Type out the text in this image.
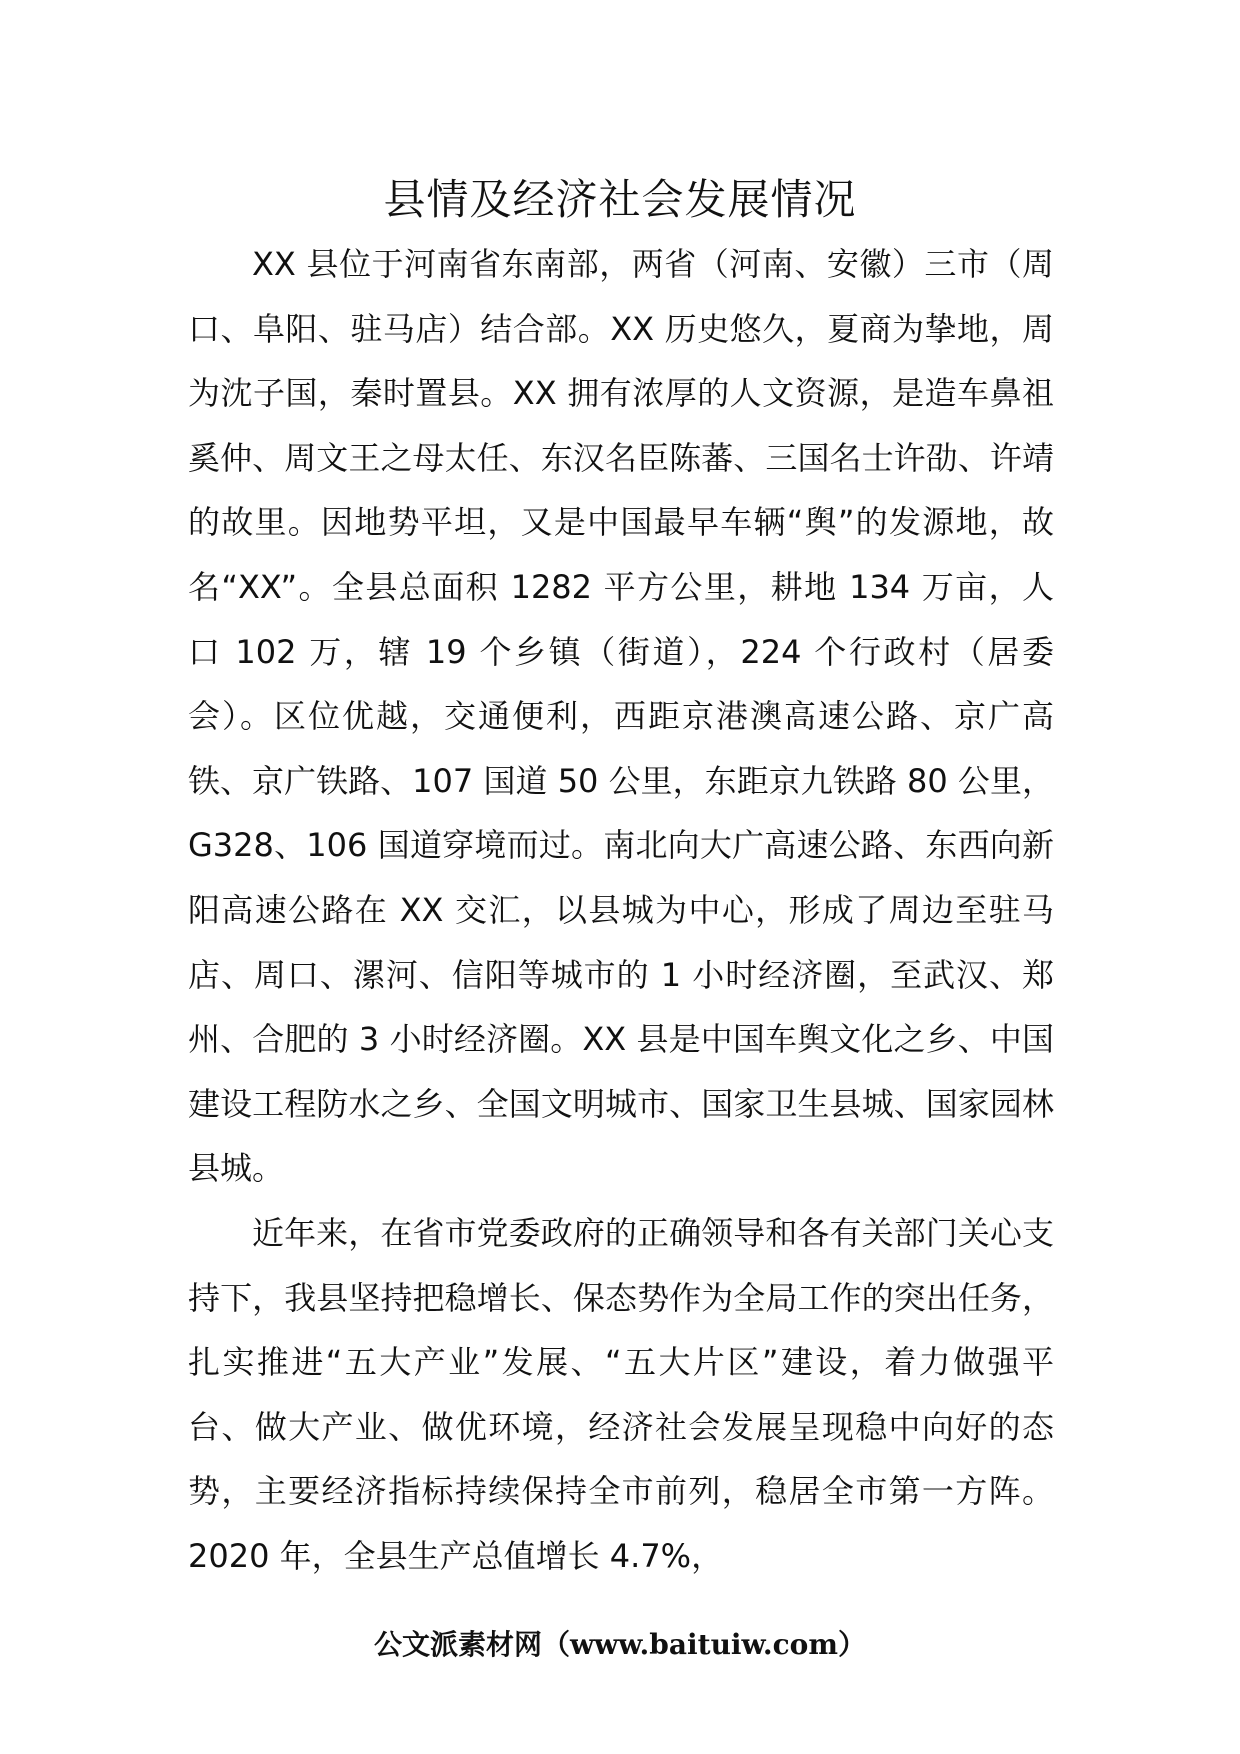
县情及经济社会发展情况

XX 县位于河南省东南部，两省（河南、安徽）三市（周口、阜阳、驻马店）结合部。XX 历史悠久，夏商为挚地，周为沈子国，秦时置县。XX 拥有浓厚的人文资源，是造车鼻祖奚仲、周文王之母太任、东汉名臣陈蕃、三国名士许劭、许靖的故里。因地势平坦，又是中国最早车辆“舆”的发源地，故名“XX”。全县总面积 1282 平方公里，耕地 134 万亩，人口 102 万，辖 19 个乡镇（街道），224 个行政村（居委会）。区位优越，交通便利，西距京港澳高速公路、京广高铁、京广铁路、107 国道 50 公里，东距京九铁路 80 公里，G328、106 国道穿境而过。南北向大广高速公路、东西向新阳高速公路在 XX 交汇，以县城为中心，形成了周边至驻马店、周口、漯河、信阳等城市的 1 小时经济圈，至武汉、郑州、合肥的 3 小时经济圈。XX 县是中国车舆文化之乡、中国建设工程防水之乡、全国文明城市、国家卫生县城、国家园林县城。

近年来，在省市党委政府的正确领导和各有关部门关心支持下，我县坚持把稳增长、保态势作为全局工作的突出任务，扎实推进“五大产业”发展、“五大片区”建设，着力做强平台、做大产业、做优环境，经济社会发展呈现稳中向好的态势，主要经济指标持续保持全市前列，稳居全市第一方阵。2020 年，全县生产总值增长 4.7%，

公文派素材网（www.baituiw.com）
